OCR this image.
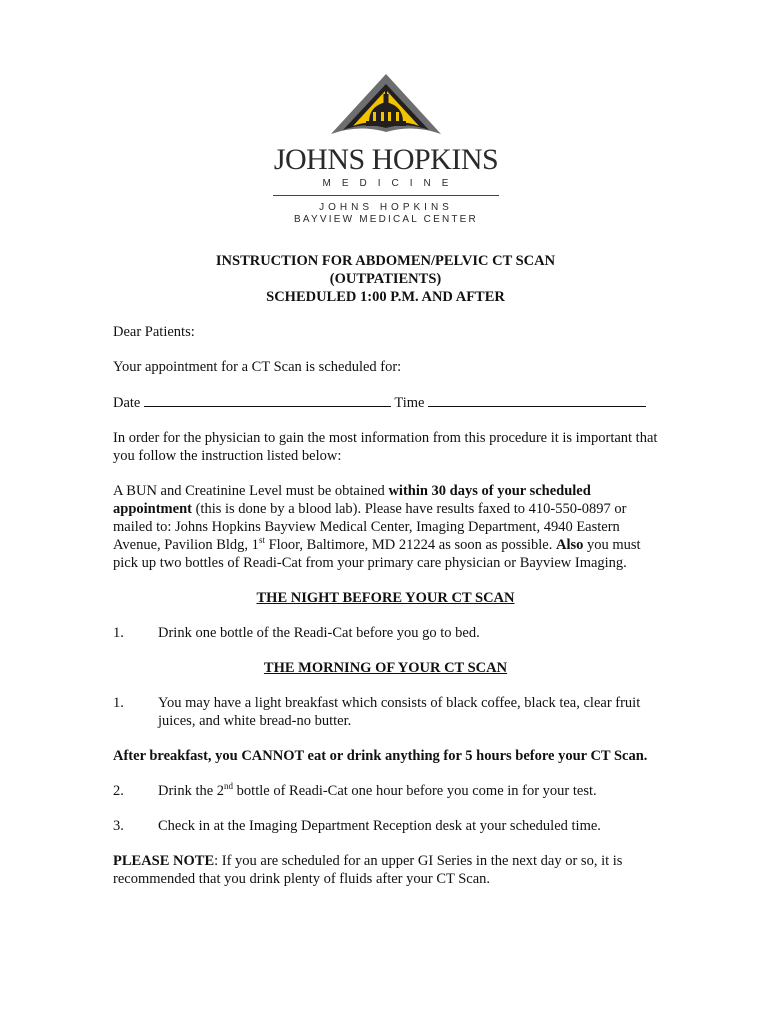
JOHNS HOPKINS
MEDICINE
JOHNS HOPKINS
BAYVIEW MEDICAL CENTER
INSTRUCTION FOR ABDOMEN/PELVIC CT SCAN
(OUTPATIENTS)
SCHEDULED 1:00 P.M. AND AFTER

Dear Patients:

Your appointment for a CT Scan is scheduled for:

Date	Time

In order for the physician to gain the most information from this procedure it is important that you follow the instruction listed below:

A BUN and Creatinine Level must be obtained within 30 days of your scheduled appointment (this is done by a blood lab). Please have results faxed to 410-550-0897 or mailed to: Johns Hopkins Bayview Medical Center, Imaging Department, 4940 Eastern Avenue, Pavilion Bldg, 1st Floor, Baltimore, MD 21224 as soon as possible. Also you must pick up two bottles of Readi-Cat from your primary care physician or Bayview Imaging.

THE NIGHT BEFORE YOUR CT SCAN

1.	Drink one bottle of the Readi-Cat before you go to bed.

THE MORNING OF YOUR CT SCAN

1.	You may have a light breakfast which consists of black coffee, black tea, clear fruit juices, and white bread-no butter.

After breakfast, you CANNOT eat or drink anything for 5 hours before your CT Scan.

2.	Drink the 2nd bottle of Readi-Cat one hour before you come in for your test.
3.	Check in at the Imaging Department Reception desk at your scheduled time.

PLEASE NOTE: If you are scheduled for an upper GI Series in the next day or so, it is recommended that you drink plenty of fluids after your CT Scan.
